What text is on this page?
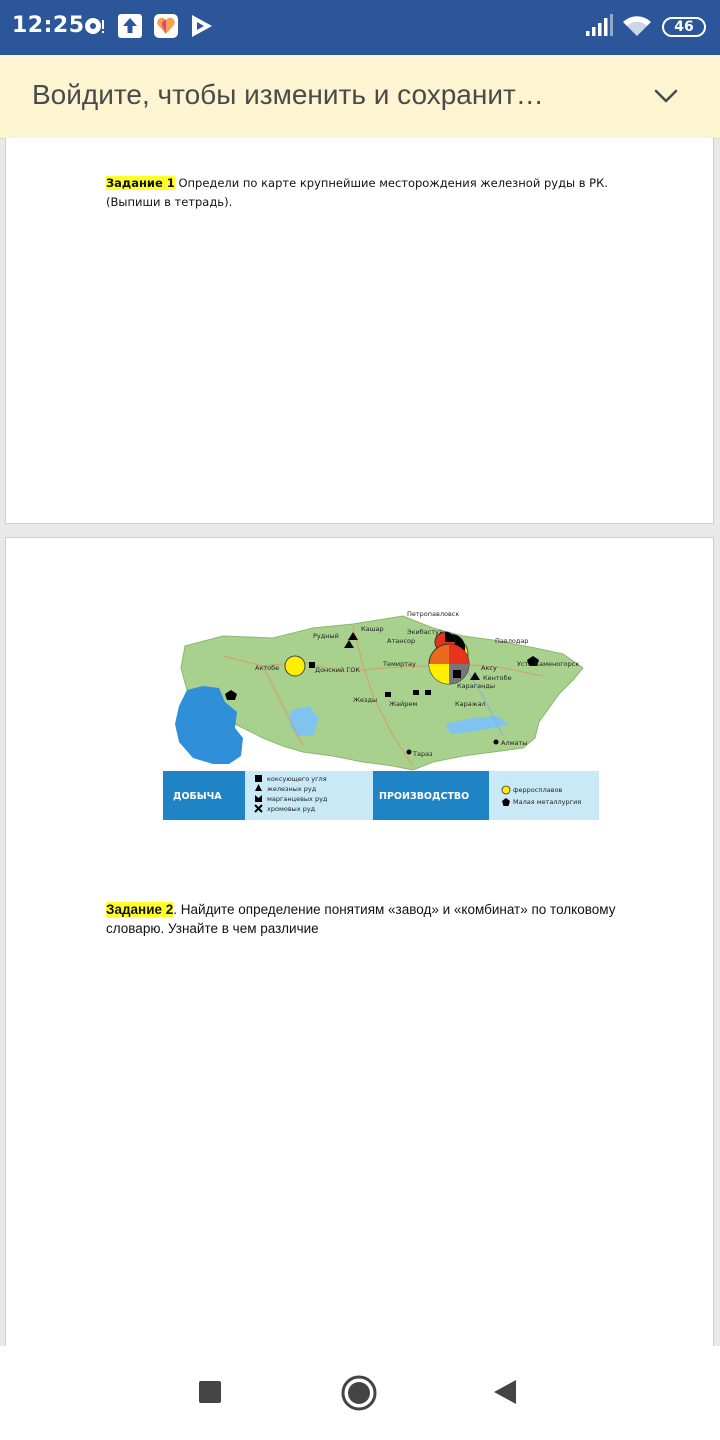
12:25	46
Войдите, чтобы изменить и сохранит…
Задание 1 Определи по карте крупнейшие месторождения железной руды в РК. (Выпиши в тетрадь).
Петропавловск
Кашар
Рудный	Экибастуз
Павлодар
Атансор
Актобе	Донский ГОК
Темиртау	Аксу	Усть-Каменогорск
Кентобе
Караганды
Жезды Жайрем	Каражал
Алматы
Тараз
ДОБЫЧА	ПРОИЗВОДСТВО
коксующего угля
железных руд
марганцевых руд
хромовых руд
ферросплавов
Малая металлургия
Задание 2. Найдите определение понятиям «завод» и «комбинат» по толковому словарю. Узнайте в чем различие
